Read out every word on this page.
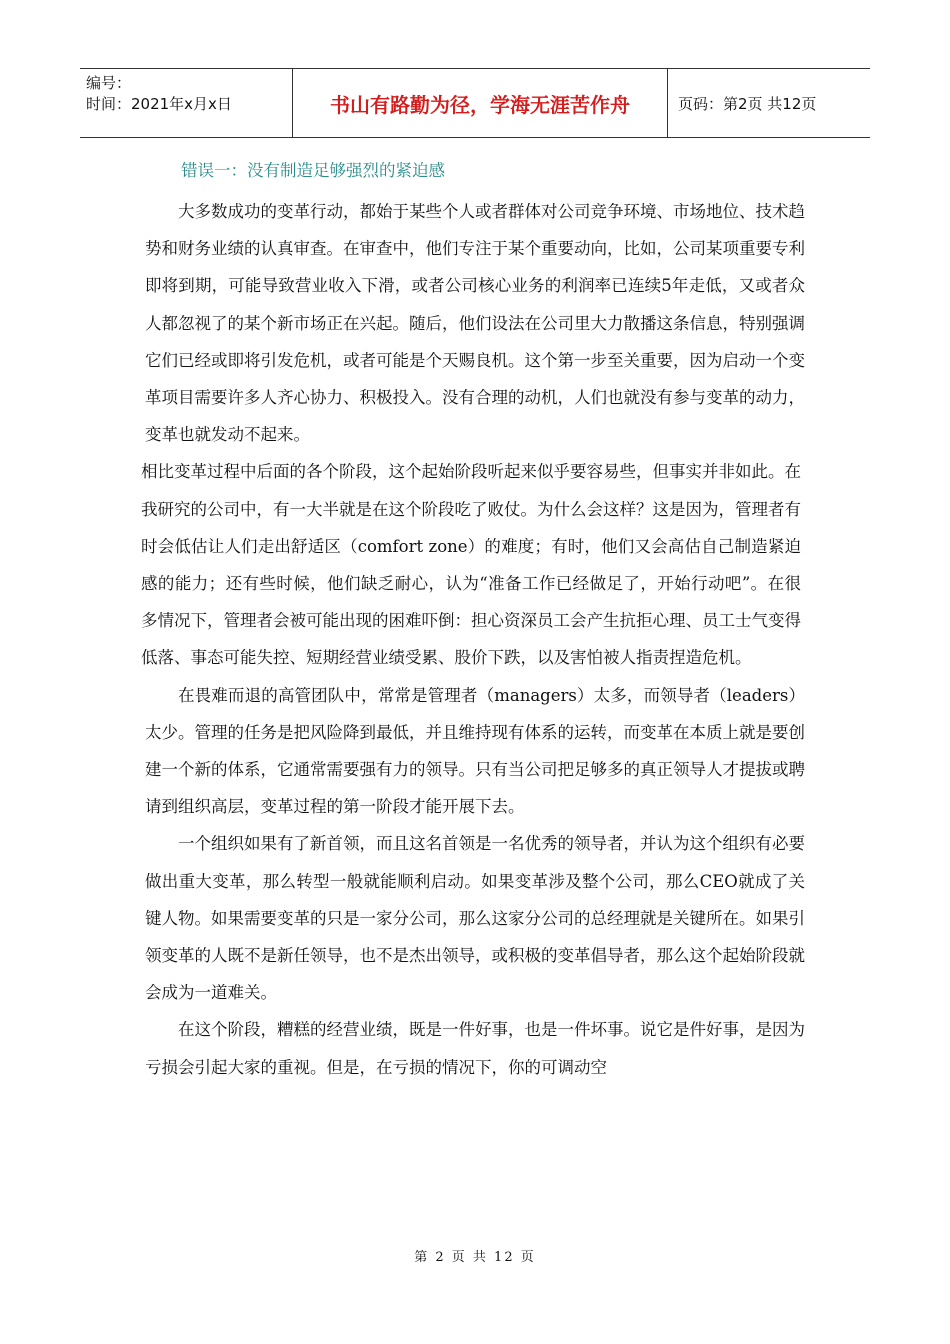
编号：
时间：2021年x月x日	书山有路勤为径，学海无涯苦作舟	页码：第2页 共12页
错误一：没有制造足够强烈的紧迫感

大多数成功的变革行动，都始于某些个人或者群体对公司竞争环境、市场地位、技术趋势和财务业绩的认真审查。在审查中，他们专注于某个重要动向，比如，公司某项重要专利即将到期，可能导致营业收入下滑，或者公司核心业务的利润率已连续5年走低，又或者众人都忽视了的某个新市场正在兴起。随后，他们设法在公司里大力散播这条信息，特别强调它们已经或即将引发危机，或者可能是个天赐良机。这个第一步至关重要，因为启动一个变革项目需要许多人齐心协力、积极投入。没有合理的动机，人们也就没有参与变革的动力，变革也就发动不起来。

相比变革过程中后面的各个阶段，这个起始阶段听起来似乎要容易些，但事实并非如此。在我研究的公司中，有一大半就是在这个阶段吃了败仗。为什么会这样？这是因为，管理者有时会低估让人们走出舒适区（comfort zone）的难度；有时，他们又会高估自己制造紧迫感的能力；还有些时候，他们缺乏耐心，认为“准备工作已经做足了，开始行动吧”。在很多情况下，管理者会被可能出现的困难吓倒：担心资深员工会产生抗拒心理、员工士气变得低落、事态可能失控、短期经营业绩受累、股价下跌，以及害怕被人指责捏造危机。

在畏难而退的高管团队中，常常是管理者（managers）太多，而领导者（leaders）太少。管理的任务是把风险降到最低，并且维持现有体系的运转，而变革在本质上就是要创建一个新的体系，它通常需要强有力的领导。只有当公司把足够多的真正领导人才提拔或聘请到组织高层，变革过程的第一阶段才能开展下去。

一个组织如果有了新首领，而且这名首领是一名优秀的领导者，并认为这个组织有必要做出重大变革，那么转型一般就能顺利启动。如果变革涉及整个公司，那么CEO就成了关键人物。如果需要变革的只是一家分公司，那么这家分公司的总经理就是关键所在。如果引领变革的人既不是新任领导，也不是杰出领导，或积极的变革倡导者，那么这个起始阶段就会成为一道难关。

在这个阶段，糟糕的经营业绩，既是一件好事，也是一件坏事。说它是件好事，是因为亏损会引起大家的重视。但是，在亏损的情况下，你的可调动空

第 2 页 共 12 页
